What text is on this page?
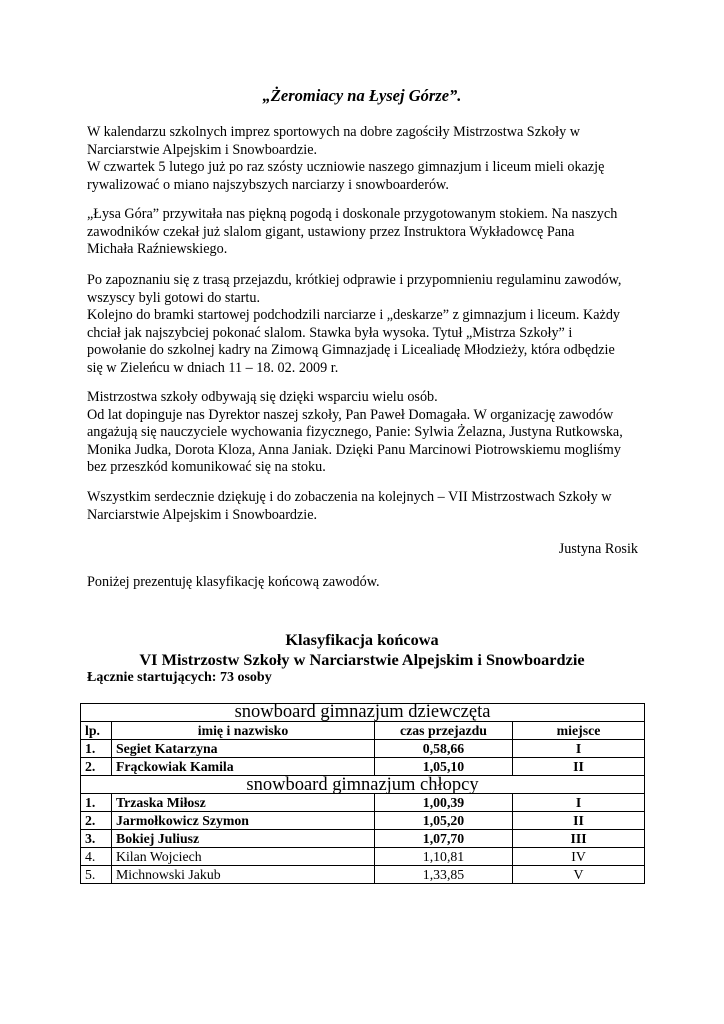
„Żeromiacy na Łysej Górze”.

W kalendarzu szkolnych imprez sportowych na dobre zagościły Mistrzostwa Szkoły w
Narciarstwie Alpejskim i Snowboardzie.
W czwartek 5 lutego już po raz szósty uczniowie naszego gimnazjum i liceum mieli okazję
rywalizować o miano najszybszych narciarzy i snowboarderów.

„Łysa Góra” przywitała nas piękną pogodą i doskonale przygotowanym stokiem. Na naszych
zawodników czekał już slalom gigant, ustawiony przez Instruktora Wykładowcę Pana
Michała Raźniewskiego.

Po zapoznaniu się z trasą przejazdu, krótkiej odprawie i przypomnieniu regulaminu zawodów,
wszyscy byli gotowi do startu.
Kolejno do bramki startowej podchodzili narciarze i „deskarze” z gimnazjum i liceum. Każdy
chciał jak najszybciej pokonać slalom. Stawka była wysoka. Tytuł „Mistrza Szkoły” i
powołanie do szkolnej kadry na Zimową Gimnazjadę i Licealiadę Młodzieży, która odbędzie
się w Zieleńcu w dniach 11 – 18. 02. 2009 r.

Mistrzostwa szkoły odbywają się dzięki wsparciu wielu osób.
Od lat dopinguje nas Dyrektor naszej szkoły, Pan Paweł Domagała. W organizację zawodów
angażują się nauczyciele wychowania fizycznego, Panie: Sylwia Żelazna, Justyna Rutkowska,
Monika Judka, Dorota Kloza, Anna Janiak. Dzięki Panu Marcinowi Piotrowskiemu mogliśmy
bez przeszkód komunikować się na stoku.

Wszystkim serdecznie dziękuję i do zobaczenia na kolejnych – VII Mistrzostwach Szkoły w
Narciarstwie Alpejskim i Snowboardzie.

Justyna Rosik

Poniżej prezentuję klasyfikację końcową zawodów.

Klasyfikacja końcowa
VI Mistrzostw Szkoły w Narciarstwie Alpejskim i Snowboardzie
Łącznie startujących: 73 osoby
snowboard gimnazjum dziewczęta			
lp.	imię i nazwisko	czas przejazdu	miejsce
1.	Segiet Katarzyna	0,58,66	I
2.	Frąckowiak Kamila	1,05,10	II
snowboard gimnazjum chłopcy			
1.	Trzaska Miłosz	1,00,39	I
2.	Jarmołkowicz Szymon	1,05,20	II
3.	Bokiej Juliusz	1,07,70	III
4.	Kilan Wojciech	1,10,81	IV
5.	Michnowski Jakub	1,33,85	V
